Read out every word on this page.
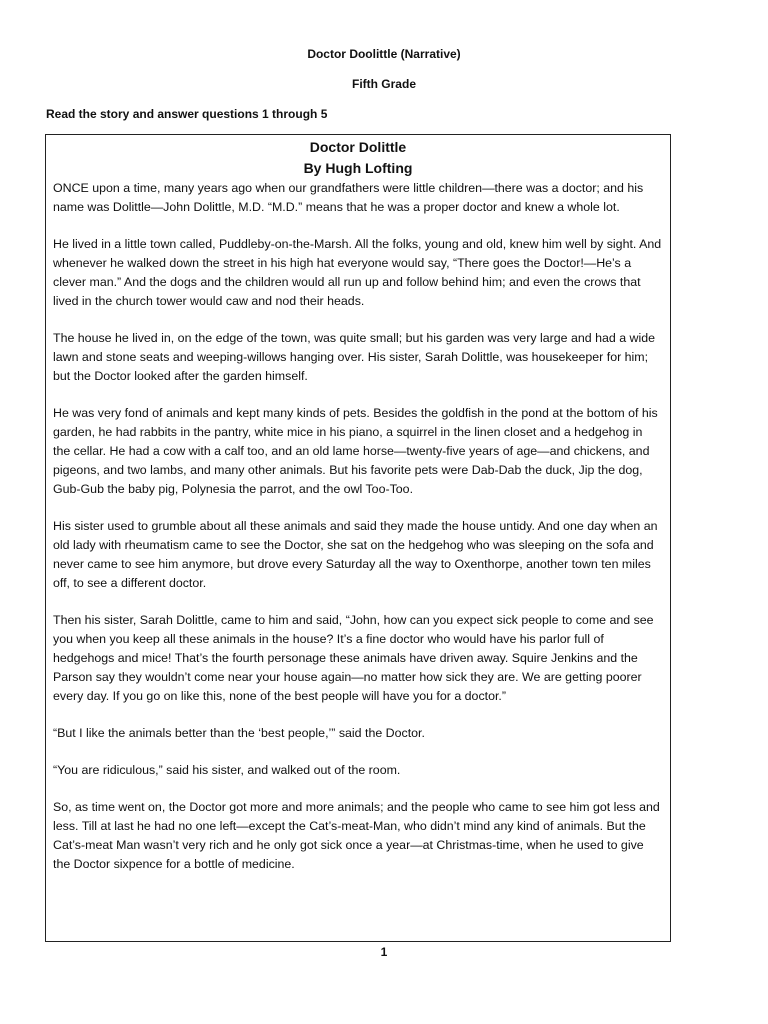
Doctor Doolittle (Narrative)
Fifth Grade
Read the story and answer questions 1 through 5
Doctor Dolittle
By Hugh Lofting

ONCE upon a time, many years ago when our grandfathers were little children—there was a doctor; and his name was Dolittle—John Dolittle, M.D. “M.D.” means that he was a proper doctor and knew a whole lot.

He lived in a little town called, Puddleby-on-the-Marsh. All the folks, young and old, knew him well by sight. And whenever he walked down the street in his high hat everyone would say, “There goes the Doctor!—He’s a clever man.” And the dogs and the children would all run up and follow behind him; and even the crows that lived in the church tower would caw and nod their heads.

The house he lived in, on the edge of the town, was quite small; but his garden was very large and had a wide lawn and stone seats and weeping-willows hanging over. His sister, Sarah Dolittle, was housekeeper for him; but the Doctor looked after the garden himself.

He was very fond of animals and kept many kinds of pets. Besides the goldfish in the pond at the bottom of his garden, he had rabbits in the pantry, white mice in his piano, a squirrel in the linen closet and a hedgehog in the cellar. He had a cow with a calf too, and an old lame horse—twenty-five years of age—and chickens, and pigeons, and two lambs, and many other animals. But his favorite pets were Dab-Dab the duck, Jip the dog, Gub-Gub the baby pig, Polynesia the parrot, and the owl Too-Too.

His sister used to grumble about all these animals and said they made the house untidy. And one day when an old lady with rheumatism came to see the Doctor, she sat on the hedgehog who was sleeping on the sofa and never came to see him anymore, but drove every Saturday all the way to Oxenthorpe, another town ten miles off, to see a different doctor.

Then his sister, Sarah Dolittle, came to him and said, “John, how can you expect sick people to come and see you when you keep all these animals in the house? It’s a fine doctor who would have his parlor full of hedgehogs and mice! That’s the fourth personage these animals have driven away. Squire Jenkins and the Parson say they wouldn’t come near your house again—no matter how sick they are. We are getting poorer every day. If you go on like this, none of the best people will have you for a doctor.”

“But I like the animals better than the ‘best people,’” said the Doctor.

“You are ridiculous,” said his sister, and walked out of the room.

So, as time went on, the Doctor got more and more animals; and the people who came to see him got less and less. Till at last he had no one left—except the Cat’s-meat-Man, who didn’t mind any kind of animals. But the Cat’s-meat Man wasn’t very rich and he only got sick once a year—at Christmas-time, when he used to give the Doctor sixpence for a bottle of medicine.

1
